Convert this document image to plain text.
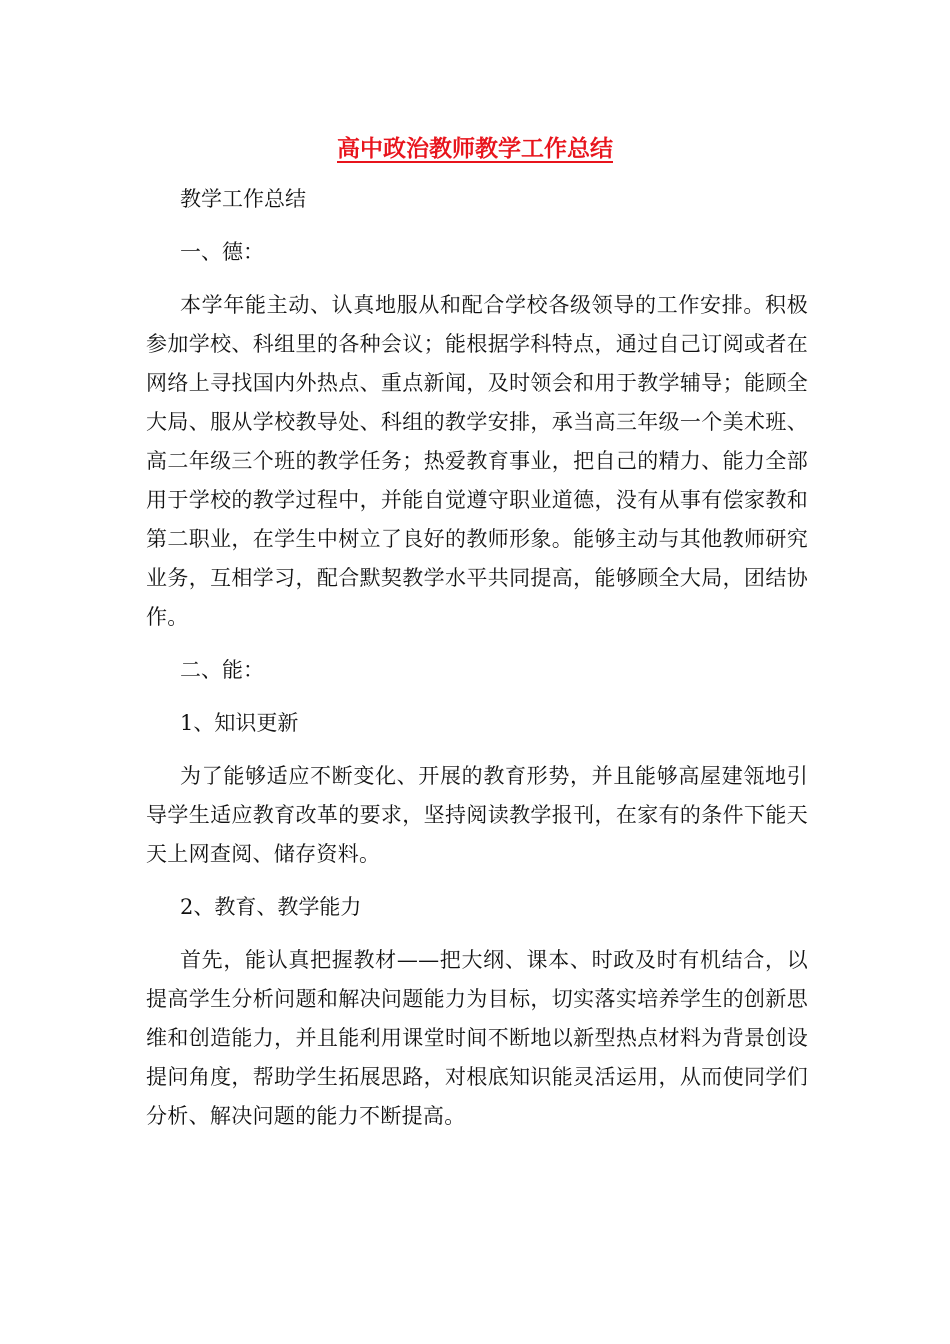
高中政治教师教学工作总结

教学工作总结

一、德：

本学年能主动、认真地服从和配合学校各级领导的工作安排。积极参加学校、科组里的各种会议；能根据学科特点，通过自己订阅或者在网络上寻找国内外热点、重点新闻，及时领会和用于教学辅导；能顾全大局、服从学校教导处、科组的教学安排，承当高三年级一个美术班、高二年级三个班的教学任务；热爱教育事业，把自己的精力、能力全部用于学校的教学过程中，并能自觉遵守职业道德，没有从事有偿家教和第二职业，在学生中树立了良好的教师形象。能够主动与其他教师研究业务，互相学习，配合默契教学水平共同提高，能够顾全大局，团结协作。

二、能：

1、知识更新

为了能够适应不断变化、开展的教育形势，并且能够高屋建瓴地引导学生适应教育改革的要求，坚持阅读教学报刊，在家有的条件下能天天上网查阅、储存资料。

2、教育、教学能力

首先，能认真把握教材——把大纲、课本、时政及时有机结合，以提高学生分析问题和解决问题能力为目标，切实落实培养学生的创新思维和创造能力，并且能利用课堂时间不断地以新型热点材料为背景创设提问角度，帮助学生拓展思路，对根底知识能灵活运用，从而使同学们分析、解决问题的能力不断提高。
